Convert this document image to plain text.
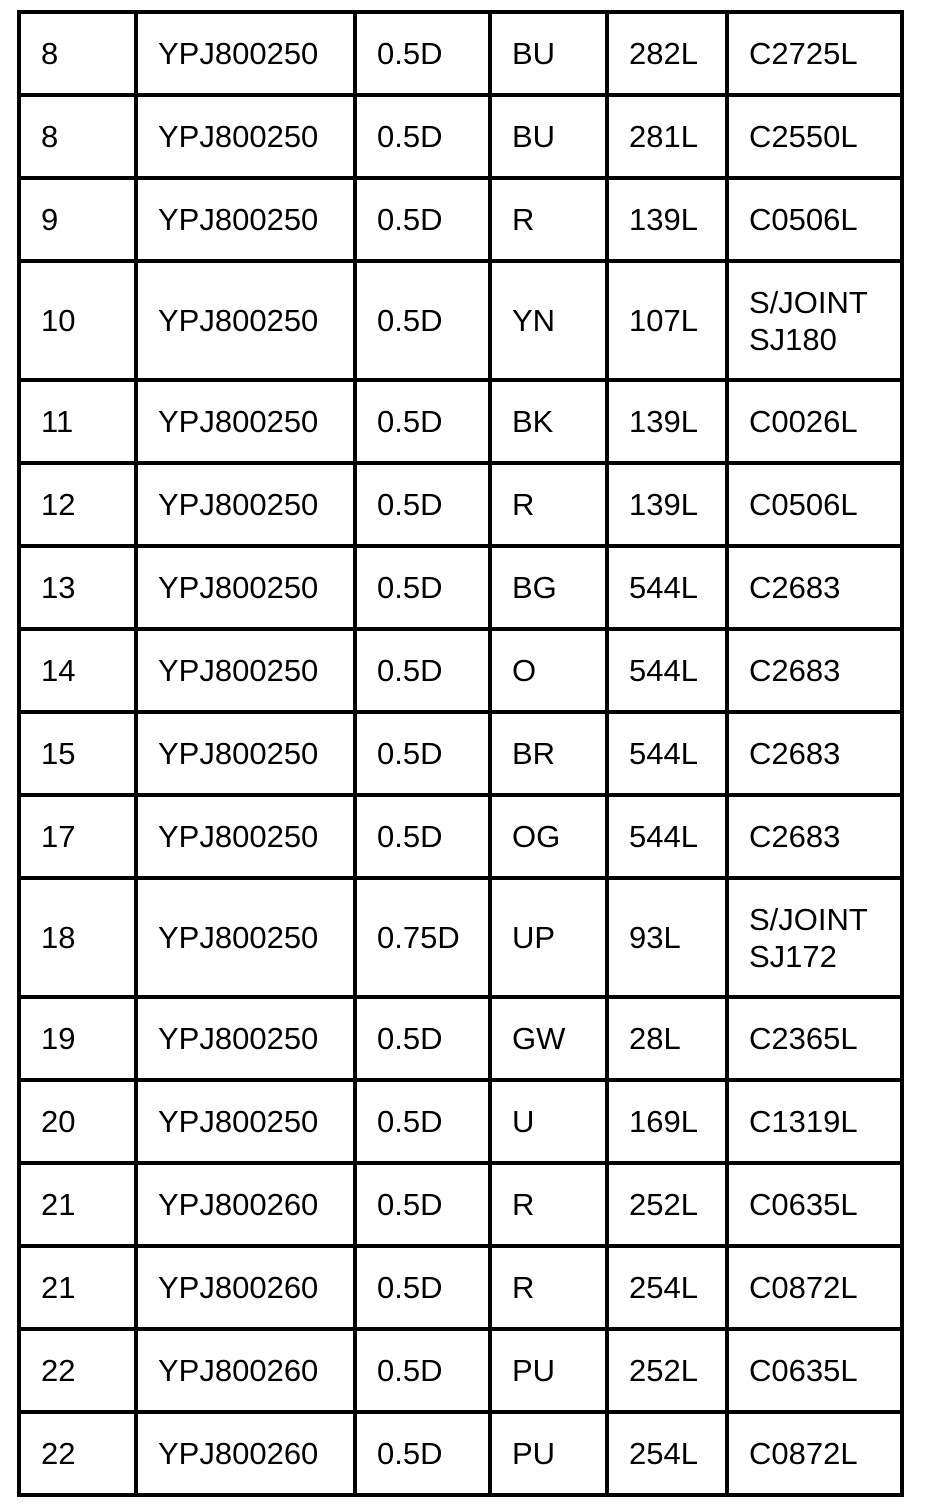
8	YPJ800250	0.5D	BU	282L	C2725L
8	YPJ800250	0.5D	BU	281L	C2550L
9	YPJ800250	0.5D	R	139L	C0506L
10	YPJ800250	0.5D	YN	107L	S/JOINT
SJ180
11	YPJ800250	0.5D	BK	139L	C0026L
12	YPJ800250	0.5D	R	139L	C0506L
13	YPJ800250	0.5D	BG	544L	C2683
14	YPJ800250	0.5D	O	544L	C2683
15	YPJ800250	0.5D	BR	544L	C2683
17	YPJ800250	0.5D	OG	544L	C2683
18	YPJ800250	0.75D	UP	93L	S/JOINT
SJ172
19	YPJ800250	0.5D	GW	28L	C2365L
20	YPJ800250	0.5D	U	169L	C1319L
21	YPJ800260	0.5D	R	252L	C0635L
21	YPJ800260	0.5D	R	254L	C0872L
22	YPJ800260	0.5D	PU	252L	C0635L
22	YPJ800260	0.5D	PU	254L	C0872L
